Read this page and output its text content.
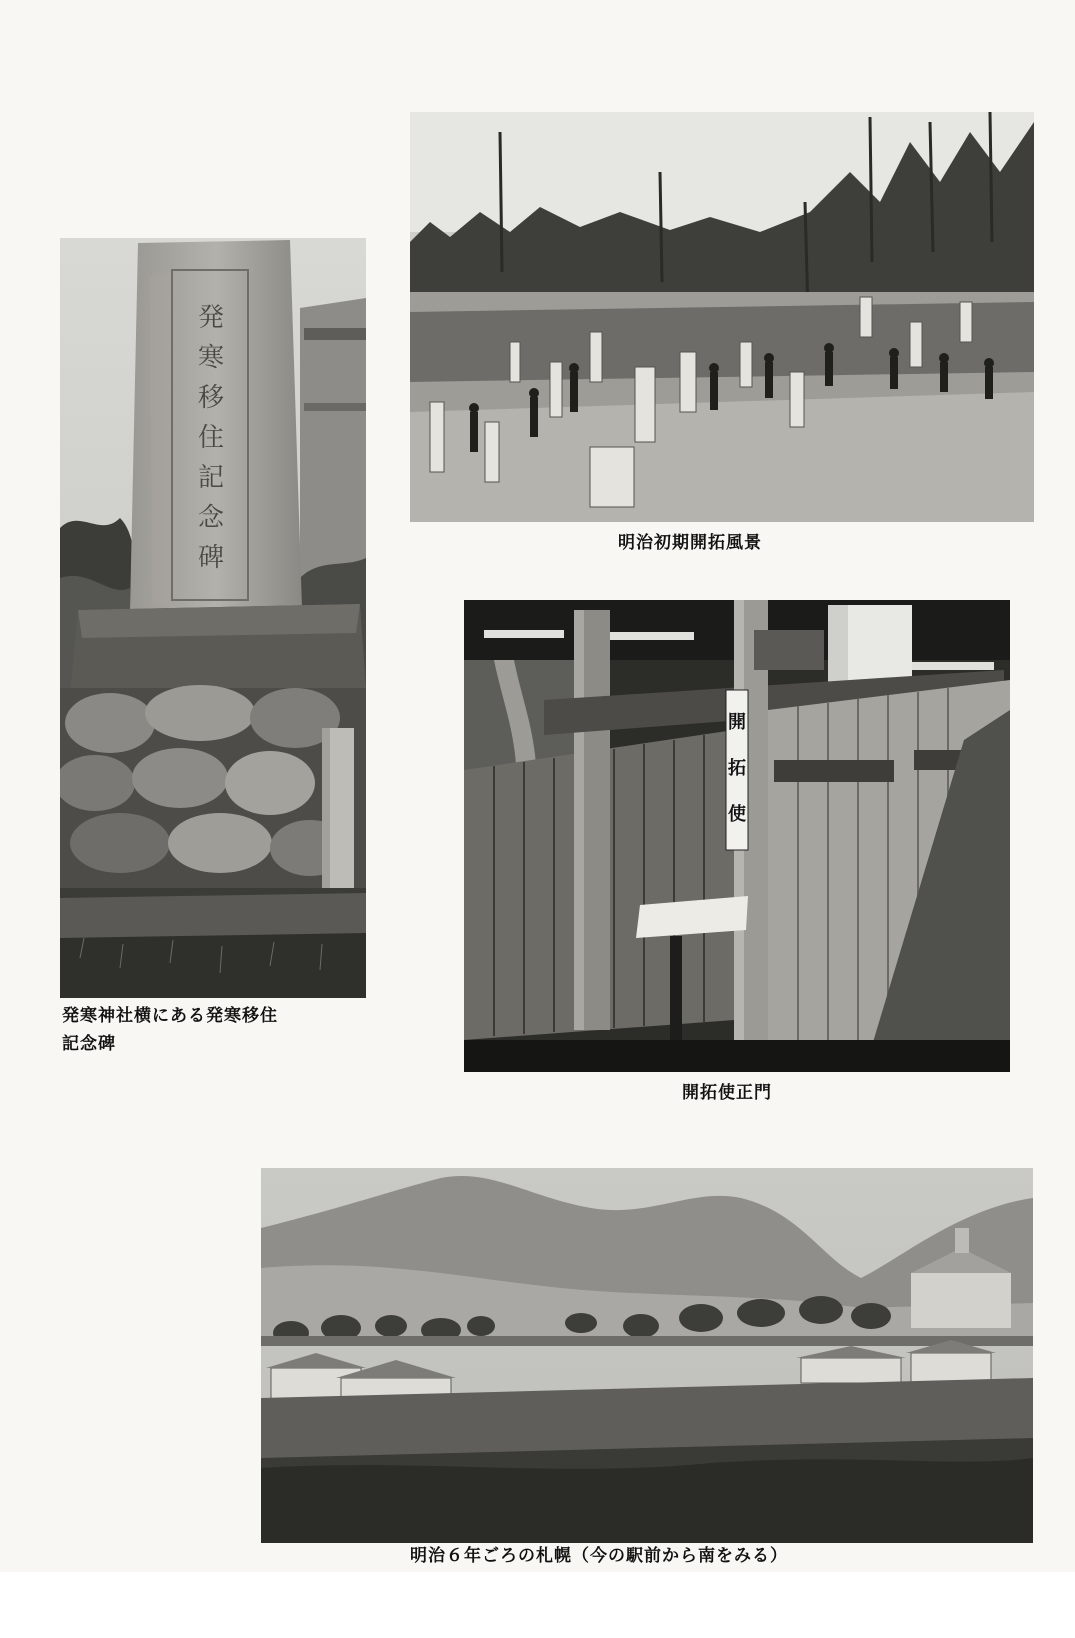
発寒移住記念碑
発寒神社横にある発寒移住
記念碑
明治初期開拓風景
開拓使
開拓使正門
明治６年ごろの札幌（今の駅前から南をみる）
